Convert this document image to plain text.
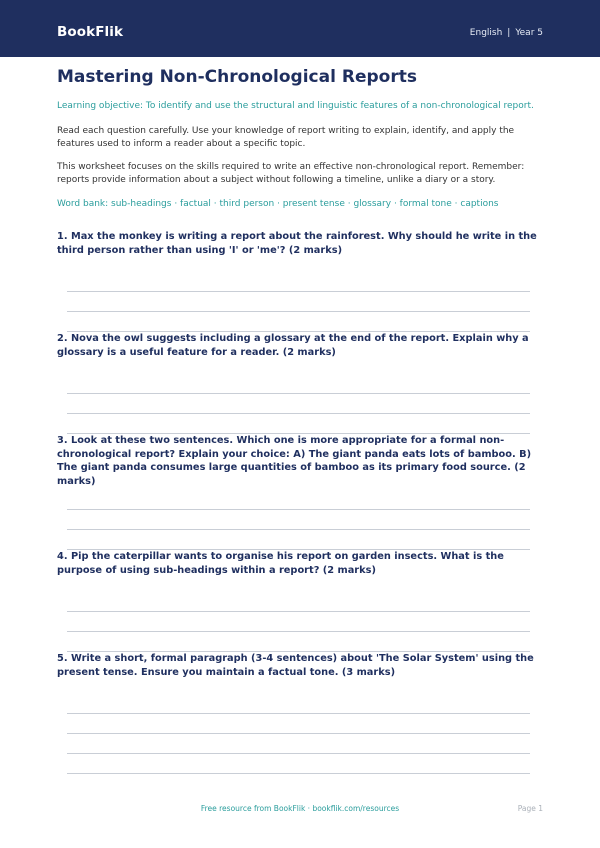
BookFlik	English | Year 5
Mastering Non-Chronological Reports
Learning objective: To identify and use the structural and linguistic features of a non-chronological report.

Read each question carefully. Use your knowledge of report writing to explain, identify, and apply the features used to inform a reader about a specific topic.

This worksheet focuses on the skills required to write an effective non-chronological report. Remember: reports provide information about a subject without following a timeline, unlike a diary or a story.

Word bank: sub-headings · factual · third person · present tense · glossary · formal tone · captions

1. Max the monkey is writing a report about the rainforest. Why should he write in the third person rather than using 'I' or 'me'? (2 marks)

2. Nova the owl suggests including a glossary at the end of the report. Explain why a glossary is a useful feature for a reader. (2 marks)

3. Look at these two sentences. Which one is more appropriate for a formal non-chronological report? Explain your choice: A) The giant panda eats lots of bamboo. B) The giant panda consumes large quantities of bamboo as its primary food source. (2 marks)

4. Pip the caterpillar wants to organise his report on garden insects. What is the purpose of using sub-headings within a report? (2 marks)

5. Write a short, formal paragraph (3-4 sentences) about 'The Solar System' using the present tense. Ensure you maintain a factual tone. (3 marks)

Free resource from BookFlik · bookflik.com/resources	Page 1
